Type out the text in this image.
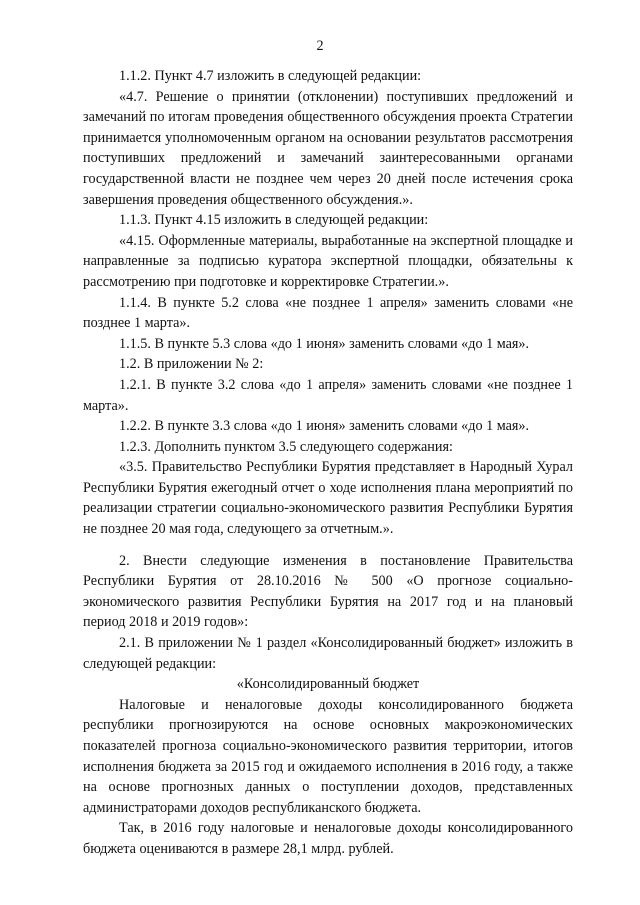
2

1.1.2. Пункт 4.7 изложить в следующей редакции:

«4.7. Решение о принятии (отклонении) поступивших предложений и замечаний по итогам проведения общественного обсуждения проекта Стратегии принимается уполномоченным органом на основании результатов рассмотрения поступивших предложений и замечаний заинтересованными органами государственной власти не позднее чем через 20 дней после истечения срока завершения проведения общественного обсуждения.».

1.1.3. Пункт 4.15 изложить в следующей редакции:

«4.15. Оформленные материалы, выработанные на экспертной площадке и направленные за подписью куратора экспертной площадки, обязательны к рассмотрению при подготовке и корректировке Стратегии.».

1.1.4. В пункте 5.2 слова «не позднее 1 апреля» заменить словами «не позднее 1 марта».

1.1.5. В пункте 5.3 слова «до 1 июня» заменить словами «до 1 мая».

1.2. В приложении № 2:

1.2.1. В пункте 3.2 слова «до 1 апреля» заменить словами «не позднее 1 марта».

1.2.2. В пункте 3.3 слова «до 1 июня» заменить словами «до 1 мая».

1.2.3. Дополнить пунктом 3.5 следующего содержания:

«3.5. Правительство Республики Бурятия представляет в Народный Хурал Республики Бурятия ежегодный отчет о ходе исполнения плана мероприятий по реализации стратегии социально-экономического развития Республики Бурятия не позднее 20 мая года, следующего за отчетным.».

2. Внести следующие изменения в постановление Правительства Республики Бурятия от 28.10.2016 № 500 «О прогнозе социально-экономического развития Республики Бурятия на 2017 год и на плановый период 2018 и 2019 годов»:

2.1. В приложении № 1 раздел «Консолидированный бюджет» изложить в следующей редакции:

«Консолидированный бюджет

Налоговые и неналоговые доходы консолидированного бюджета республики прогнозируются на основе основных макроэкономических показателей прогноза социально-экономического развития территории, итогов исполнения бюджета за 2015 год и ожидаемого исполнения в 2016 году, а также на основе прогнозных данных о поступлении доходов, представленных администраторами доходов республиканского бюджета.

Так, в 2016 году налоговые и неналоговые доходы консолидированного бюджета оцениваются в размере 28,1 млрд. рублей.
